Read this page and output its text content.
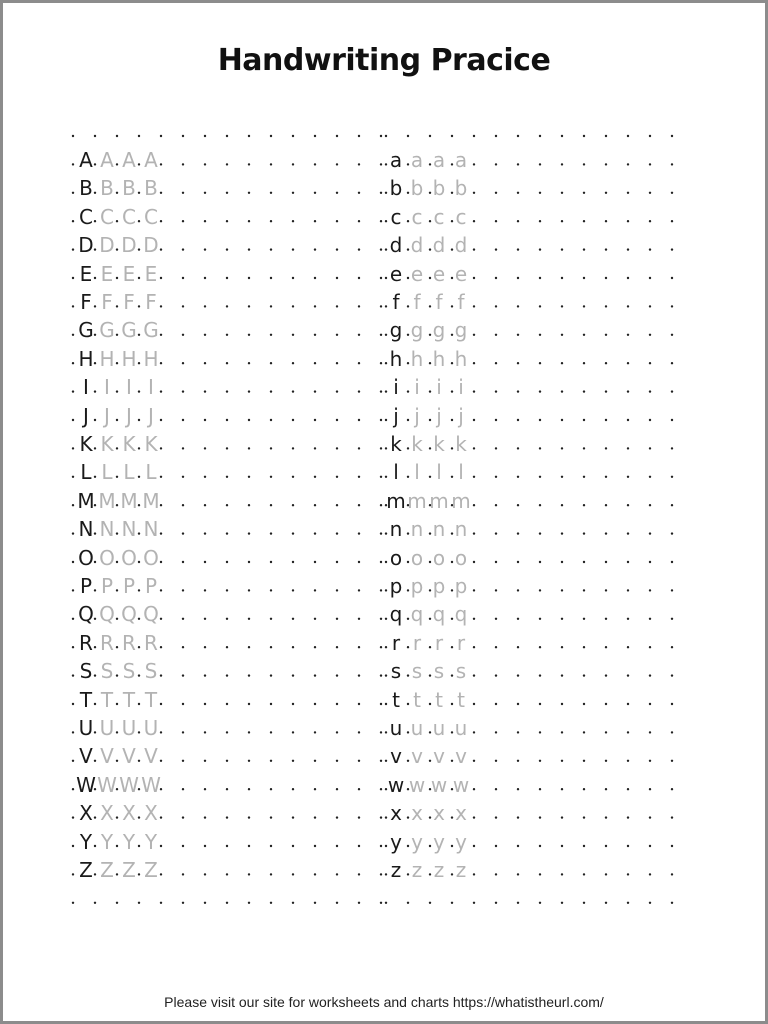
Handwriting Pracice
A A A A
B B B B
C C C C
D D D D
E E E E
F F F F
G G G G
H H H H
I I I I
J J J J
K K K K
L L L L
M M M M
N N N N
O O O O
P P P P
Q Q Q Q
R R R R
S S S S
T T T T
U U U U
V V V V
WW W W
X X X X
Y Y Y Y
Z Z Z Z
a a a a
b b b b
c c c c
d d d d
e e e e
f f f f
g g g g
h h h h
i i i i
j j j j
k k k k
l l l l
mm m m
n n n n
o o o o
p p p p
q q q q
r r r r
s s s s
t t t t
u u u u
v v v v
w w w w
x x x x
y y y y
z z z z
Please visit our site for worksheets and charts https://whatistheurl.com/
